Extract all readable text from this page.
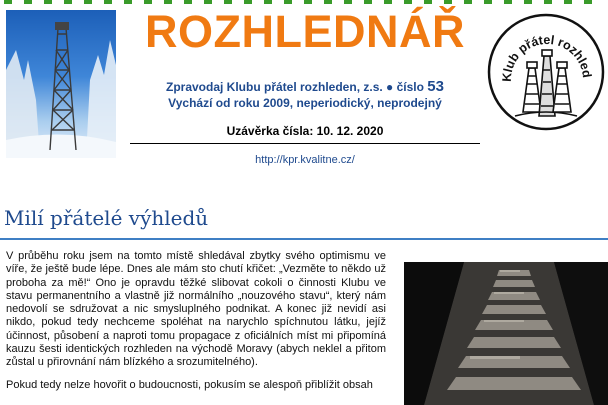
ROZHLEDNÁŘ
Zpravodaj Klubu přátel rozhleden, z.s. ● číslo 53
Vychází od roku 2009, neperiodický, neprodejný
Uzávěrka čísla: 10. 12. 2020
http://kpr.kvalitne.cz/
Klub přátel rozhled
Milí přátelé výhledů

V průběhu roku jsem na tomto místě shledával zbytky svého optimismu ve víře, že ještě bude lépe. Dnes ale mám sto chutí křičet: „Vezměte to někdo už proboha za mě!“ Ono je opravdu těžké slibovat cokoli o činnosti Klubu ve stavu permanentního a vlastně již normálního „nouzového stavu“, který nám nedovolí se sdružovat a nic smysluplného podnikat. A konec již nevidí asi nikdo, pokud tedy nechceme spoléhat na narychlo spíchnutou látku, jejíž účinnost, působení a naproti tomu propagace z oficiálních míst mi připomíná kauzu šesti identických rozhleden na východě Moravy (abych neklel a přitom zůstal u přirovnání nám blízkého a srozumitelného).

Pokud tedy nelze hovořit o budoucnosti, pokusím se alespoň přiblížit obsah
